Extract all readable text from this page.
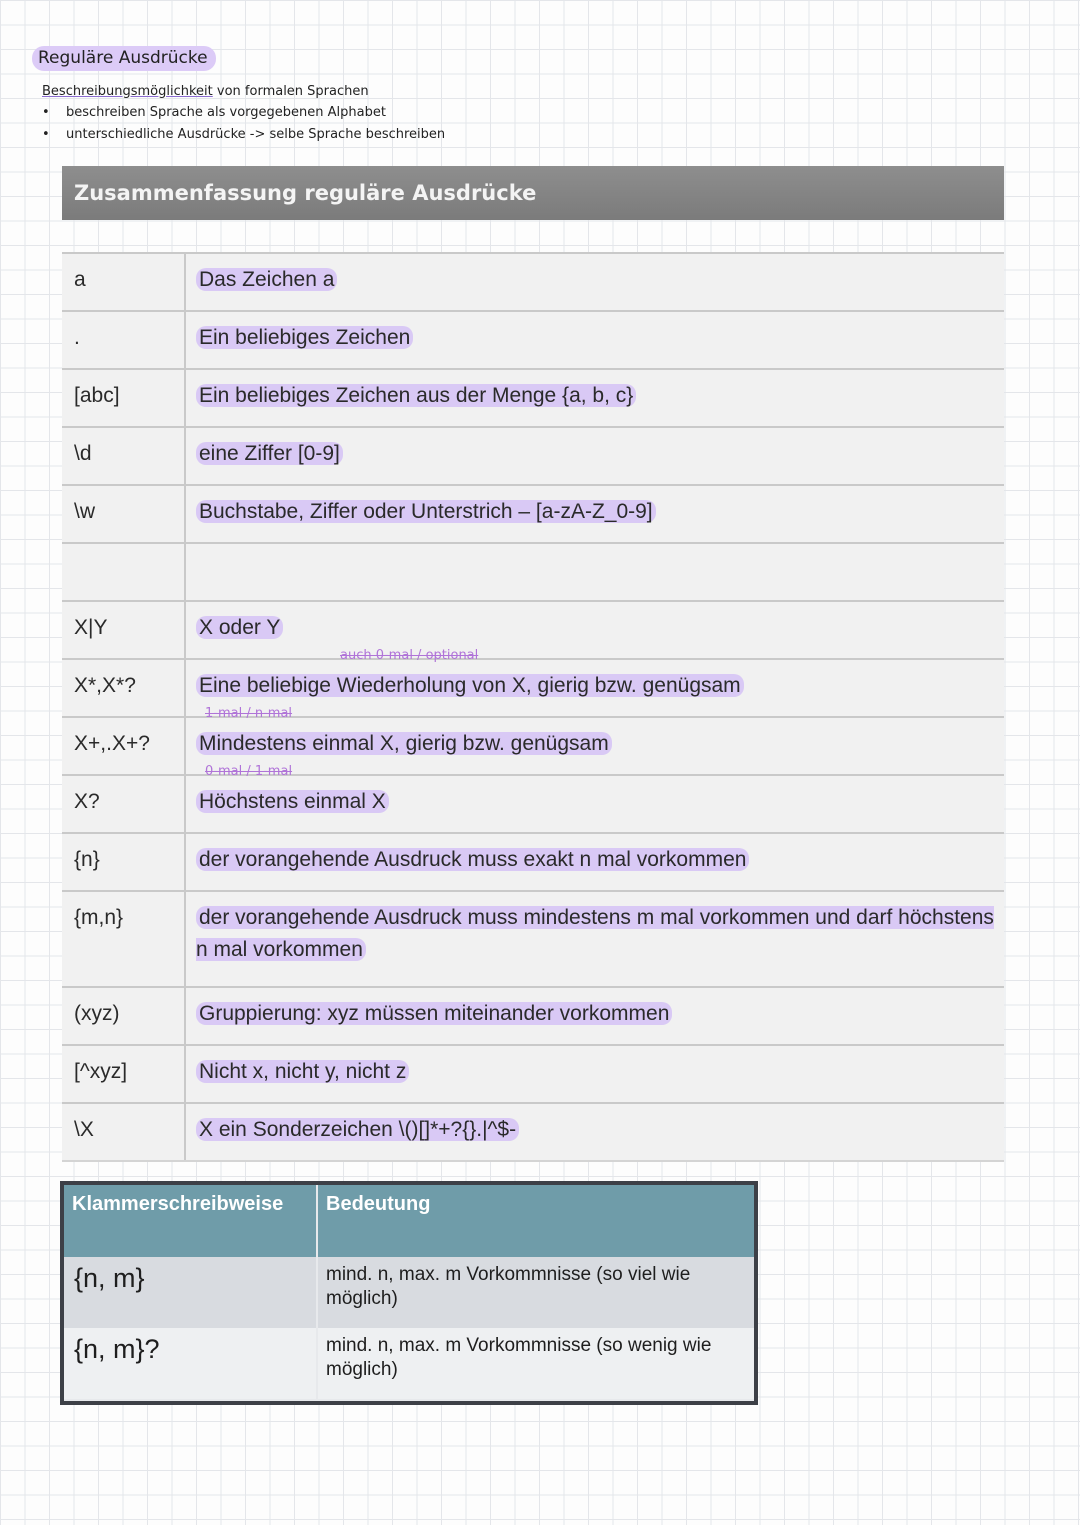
Reguläre Ausdrücke
Beschreibungsmöglichkeit von formalen Sprachen
• beschreiben Sprache als vorgegebenen Alphabet
• unterschiedliche Ausdrücke -> selbe Sprache beschreiben
Zusammenfassung reguläre Ausdrücke
a	Das Zeichen a
.	Ein beliebiges Zeichen
[abc]	Ein beliebiges Zeichen aus der Menge {a, b, c}
\d	eine Ziffer [0-9]
\w	Buchstabe, Ziffer oder Unterstrich – [a-zA-Z_0-9]
X|Y	X oder Y
X*,X*?	Eine beliebige Wiederholung von X, gierig bzw. genügsam
X+,.X+?	Mindestens einmal X, gierig bzw. genügsam
X?	Höchstens einmal X
{n}	der vorangehende Ausdruck muss exakt n mal vorkommen
{m,n}	der vorangehende Ausdruck muss mindestens m mal vorkommen und darf höchstens n mal vorkommen
(xyz)	Gruppierung: xyz müssen miteinander vorkommen
[^xyz]	Nicht x, nicht y, nicht z
\X	X ein Sonderzeichen \()[]*+?{}.|^$-
auch 0-mal / optional
1-mal / n-mal
0-mal / 1-mal
Klammerschreibweise	Bedeutung
{n, m}	mind. n, max. m Vorkommnisse (so viel wie möglich)
{n, m}?	mind. n, max. m Vorkommnisse (so wenig wie möglich)
